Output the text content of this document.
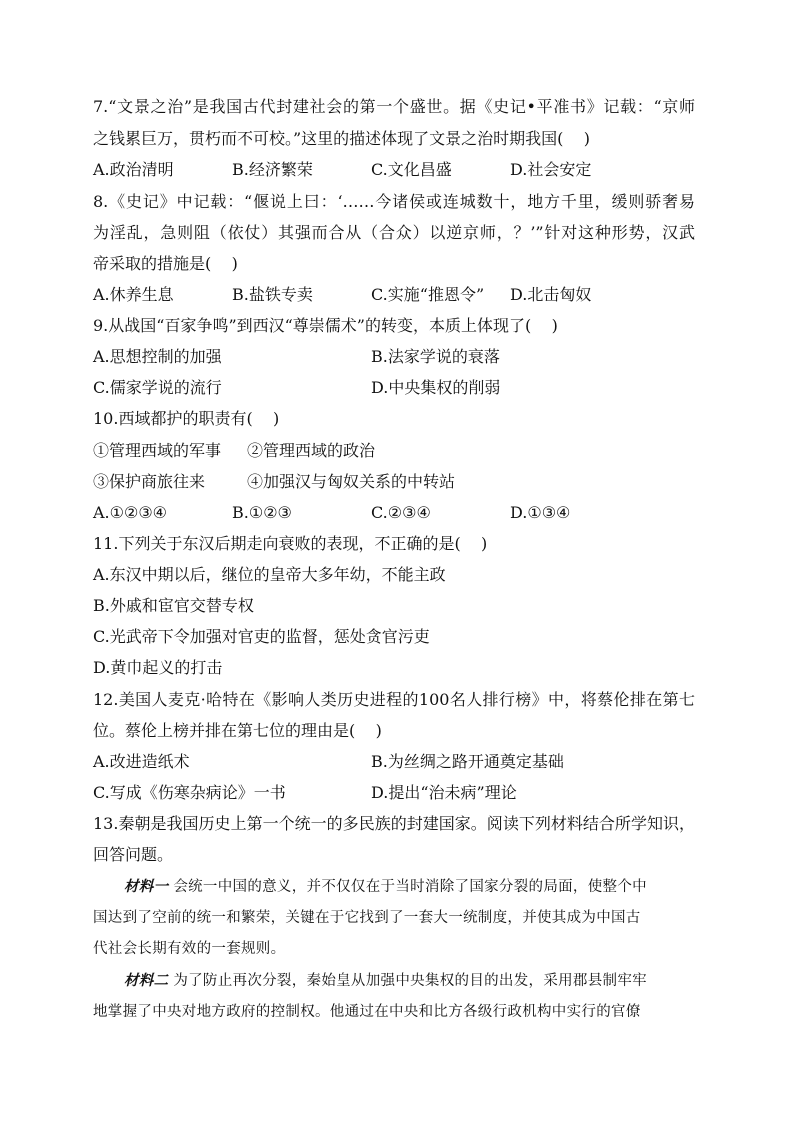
7.“文景之治”是我国古代封建社会的第一个盛世。据《史记•平准书》记载：“京师
之钱累巨万，贯朽而不可校。”这里的描述体现了文景之治时期我国(    )
A.政治清明	B.经济繁荣	C.文化昌盛	D.社会安定
8.《史记》中记载：“偃说上曰：‘……今诸侯或连城数十，地方千里，缓则骄奢易
为淫乱，急则阻（依仗）其强而合从（合众）以逆京师，？’”针对这种形势，汉武
帝采取的措施是(    )
A.休养生息	B.盐铁专卖	C.实施“推恩令” D.北击匈奴
9.从战国“百家争鸣”到西汉“尊崇儒术”的转变，本质上体现了(    )
A.思想控制的加强	B.法家学说的衰落
C.儒家学说的流行	D.中央集权的削弱
10.西域都护的职责有(    )
①管理西域的军事 ②管理西域的政治
③保护商旅往来	④加强汉与匈奴关系的中转站
A.①②③④	B.①②③	C.②③④	D.①③④
11.下列关于东汉后期走向衰败的表现，不正确的是(    )
A.东汉中期以后，继位的皇帝大多年幼，不能主政
B.外戚和宦官交替专权
C.光武帝下令加强对官吏的监督，惩处贪官污吏
D.黄巾起义的打击
12.美国人麦克·哈特在《影响人类历史进程的100名人排行榜》中，将蔡伦排在第七
位。蔡伦上榜并排在第七位的理由是(    )
A.改进造纸术	B.为丝绸之路开通奠定基础
C.写成《伤寒杂病论》一书	D.提出“治未病”理论
13.秦朝是我国历史上第一个统一的多民族的封建国家。阅读下列材料结合所学知识，
回答问题。
材料一 会统一中国的意义，并不仅仅在于当时消除了国家分裂的局面，使整个中
国达到了空前的统一和繁荣，关键在于它找到了一套大一统制度，并使其成为中国古
代社会长期有效的一套规则。
材料二 为了防止再次分裂，秦始皇从加强中央集权的目的出发，采用郡县制牢牢
地掌握了中央对地方政府的控制权。他通过在中央和比方各级行政机构中实行的官僚
